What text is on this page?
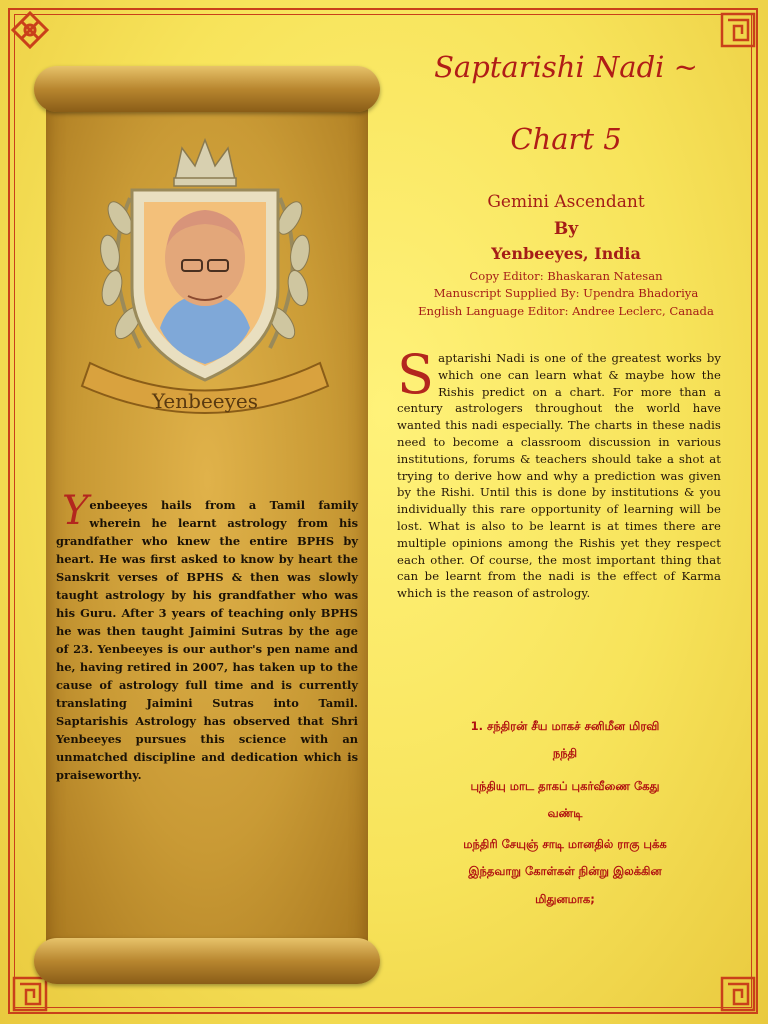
Yenbeeyes
Yenbeeyes hails from a Tamil family wherein he learnt astrology from his grandfather who knew the entire BPHS by heart. He was first asked to know by heart the Sanskrit verses of BPHS & then was slowly taught astrology by his grandfather who was his Guru. After 3 years of teaching only BPHS he was then taught Jaimini Sutras by the age of 23. Yenbeeyes is our author's pen name and he, having retired in 2007, has taken up to the cause of astrology full time and is currently translating Jaimini Sutras into Tamil. Saptarishis Astrology has observed that Shri Yenbeeyes pursues this science with an unmatched discipline and dedication which is praiseworthy.
Saptarishi Nadi ~
Chart 5
Gemini Ascendant
By
Yenbeeyes, India
Copy Editor: Bhaskaran Natesan
Manuscript Supplied By: Upendra Bhadoriya
English Language Editor: Andree Leclerc, Canada
Saptarishi Nadi is one of the greatest works by which one can learn what & maybe how the Rishis predict on a chart. For more than a century astrologers throughout the world have wanted this nadi especially. The charts in these nadis need to become a classroom discussion in various institutions, forums & teachers should take a shot at trying to derive how and why a prediction was given by the Rishi. Until this is done by institutions & you individually this rare opportunity of learning will be lost. What is also to be learnt is at times there are multiple opinions among the Rishis yet they respect each other. Of course, the most important thing that can be learnt from the nadi is the effect of Karma which is the reason of astrology.
1. சந்திரன் சீய மாகச் சனிமீன மிரவி
நந்தி
புந்தியு மாட தாகப் புகர்வீணை கேது
வண்டி
மந்திரி சேயுஞ் சாடி மானதில் ராகு புக்க
இந்தவாறு கோள்கள் நின்று இலக்கின
மிதுனமாக;
